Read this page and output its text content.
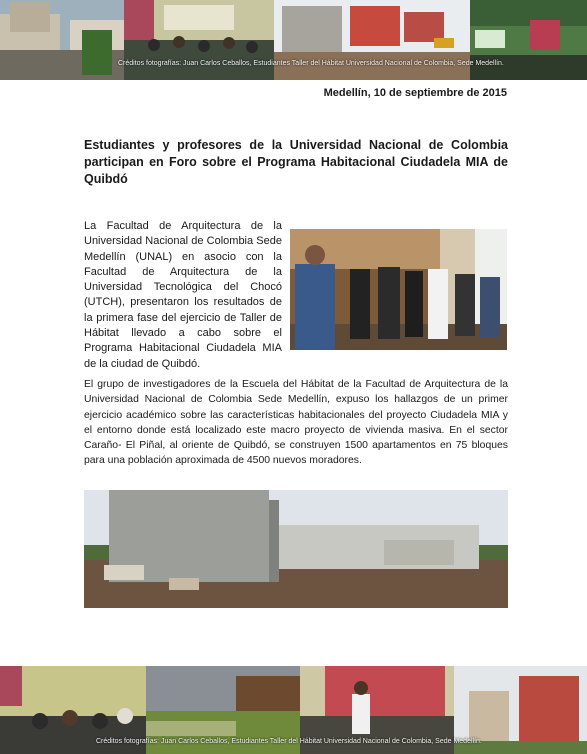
Créditos fotografías: Juan Carlos Ceballos, Estudiantes Taller del Hábitat Universidad Nacional de Colombia, Sede Medellín.
Medellín, 10 de septiembre de 2015
Estudiantes y profesores de la Universidad Nacional de Colombia participan en Foro sobre el Programa Habitacional Ciudadela MIA de Quibdó
La Facultad de Arquitectura de la Universidad Nacional de Colombia Sede Medellín (UNAL) en asocio con la Facultad de Arquitectura de la Universidad Tecnológica del Chocó (UTCH), presentaron los resultados de la primera fase del ejercicio de Taller de Hábitat llevado a cabo sobre el Programa Habitacional Ciudadela MIA de la ciudad de Quibdó.
El grupo de investigadores de la Escuela del Hábitat de la Facultad de Arquitectura de la Universidad Nacional de Colombia Sede Medellín, expuso los hallazgos de un primer ejercicio académico sobre las características habitacionales del proyecto Ciudadela MIA y el entorno donde está localizado este macro proyecto de vivienda masiva. En el sector Caraño- El Piñal, al oriente de Quibdó, se construyen 1500 apartamentos en 75 bloques para una población aproximada de 4500 nuevos moradores.
Créditos fotografías: Juan Carlos Ceballos, Estudiantes Taller del Hábitat Universidad Nacional de Colombia, Sede Medellín.
